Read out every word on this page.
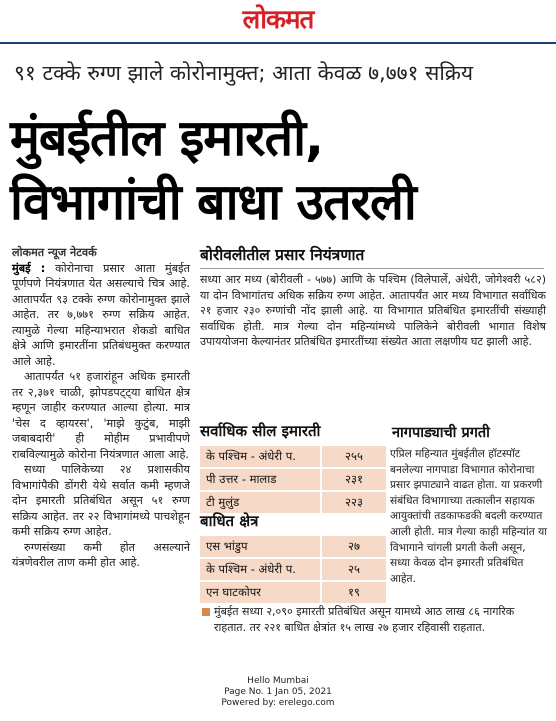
लोकमत
९१ टक्के रुग्ण झाले कोरोनामुक्त; आता केवळ ७,७७१ सक्रिय
मुंबईतील इमारती,
विभागांची बाधा उतरली
लोकमत न्यूज नेटवर्क

मुंबई : कोरोनाचा प्रसार आता मुंबईत पूर्णपणे नियंत्रणात येत असल्याचे चित्र आहे. आतापर्यंत ९३ टक्के रुग्ण कोरोनामुक्त झाले आहेत. तर ७,७७१ रुग्ण सक्रिय आहेत. त्यामुळे गेल्या महिन्याभरात शेकडो बाधित क्षेत्रे आणि इमारतींना प्रतिबंधमुक्त करण्यात आले आहे.

आतापर्यंत ५१ हजारांहून अधिक इमारती तर २,३७१ चाळी, झोपडपट्ट्या बाधित क्षेत्र म्हणून जाहीर करण्यात आल्या होत्या. मात्र 'चेस द व्हायरस', 'माझे कुटुंब, माझी जबाबदारी' ही मोहीम प्रभावीपणे राबविल्यामुळे कोरोना नियंत्रणात आला आहे.

सध्या पालिकेच्या २४ प्रशासकीय विभागांपैकी डोंगरी येथे सर्वात कमी म्हणजे दोन इमारती प्रतिबंधित असून ५१ रुग्ण सक्रिय आहेत. तर २२ विभागांमध्ये पाचशेहून कमी सक्रिय रुग्ण आहेत.

रुग्णसंख्या कमी होत असल्याने यंत्रणेवरील ताण कमी होत आहे.

बोरीवलीतील प्रसार नियंत्रणात
सध्या आर मध्य (बोरीवली - ५७७) आणि के पश्चिम (विलेपार्ले, अंधेरी, जोगेश्वरी ५८२) या दोन विभागांतच अधिक सक्रिय रुग्ण आहेत. आतापर्यंत आर मध्य विभागात सर्वाधिक २१ हजार २३० रुग्णांची नोंद झाली आहे. या विभागात प्रतिबंधित इमारतींची संख्याही सर्वाधिक होती. मात्र गेल्या दोन महिन्यांमध्ये पालिकेने बोरीवली भागात विशेष उपाययोजना केल्यानंतर प्रतिबंधित इमारतींच्या संख्येत आता लक्षणीय घट झाली आहे.
सर्वाधिक सील इमारती
के पश्चिम - अंधेरी प.	२५५
पी उत्तर - मालाड	२३१
टी मुलुंड	२२३
बाधित क्षेत्र
एस भांडुप	२७
के पश्चिम - अंधेरी प.	२५
एन घाटकोपर	१९
नागपाड्याची प्रगती
एप्रिल महिन्यात मुंबईतील हॉटस्पॉट बनलेल्या नागपाडा विभागात कोरोनाचा प्रसार झपाट्याने वाढत होता. या प्रकरणी संबंधित विभागाच्या तत्कालीन सहायक आयुक्तांची तडकाफडकी बदली करण्यात आली होती. मात्र गेल्या काही महिन्यांत या विभागाने चांगली प्रगती केली असून, सध्या केवळ दोन इमारती प्रतिबंधित आहेत.
मुंबईत सध्या २,०९० इमारती प्रतिबंधित असून यामध्ये आठ लाख ८६ नागरिक राहतात. तर २२१ बाधित क्षेत्रांत १५ लाख २७ हजार रहिवासी राहतात.
Hello Mumbai
Page No. 1 Jan 05, 2021
Powered by: erelego.com
